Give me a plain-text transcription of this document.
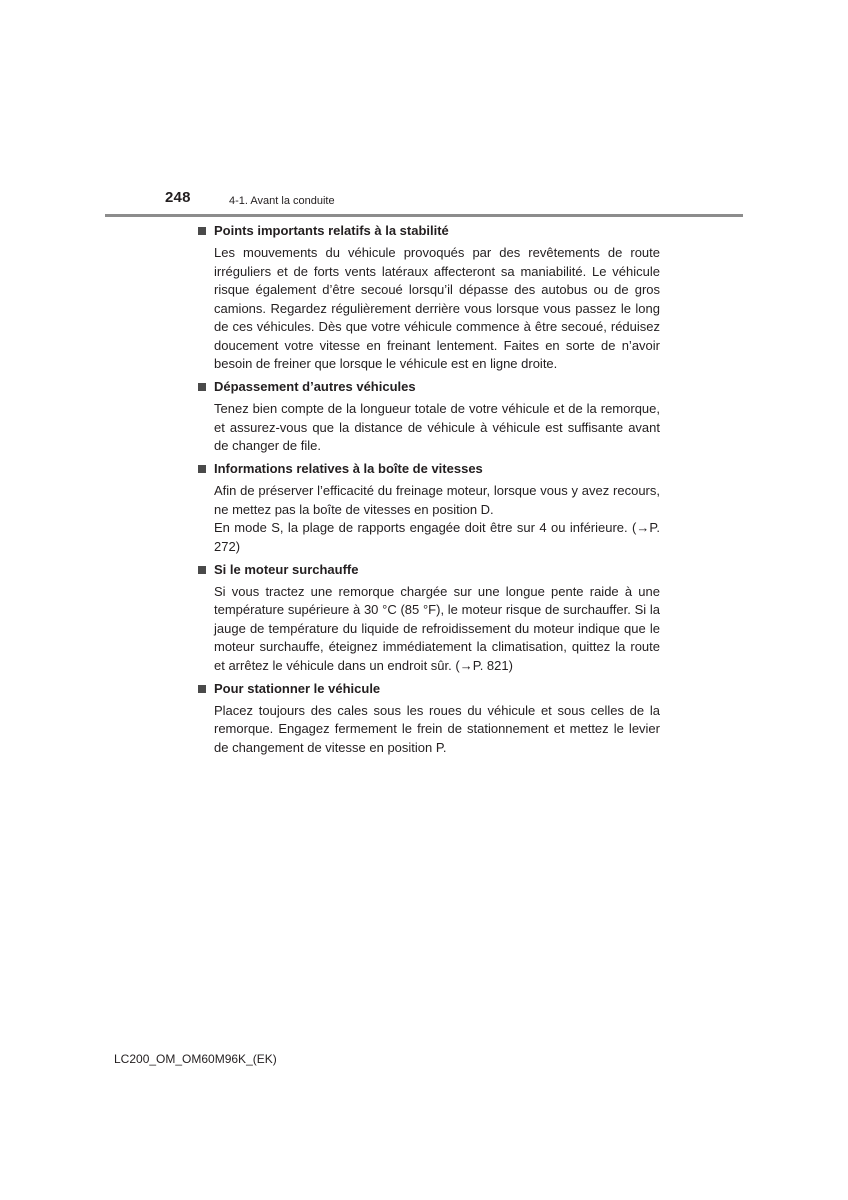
248	4-1. Avant la conduite
Points importants relatifs à la stabilité

Les mouvements du véhicule provoqués par des revêtements de route irréguliers et de forts vents latéraux affecteront sa maniabilité. Le véhicule risque également d’être secoué lorsqu’il dépasse des autobus ou de gros camions. Regardez régulièrement derrière vous lorsque vous passez le long de ces véhicules. Dès que votre véhicule commence à être secoué, réduisez doucement votre vitesse en freinant lentement. Faites en sorte de n’avoir besoin de freiner que lorsque le véhicule est en ligne droite.

Dépassement d’autres véhicules

Tenez bien compte de la longueur totale de votre véhicule et de la remorque, et assurez-vous que la distance de véhicule à véhicule est suffisante avant de changer de file.

Informations relatives à la boîte de vitesses

Afin de préserver l’efficacité du freinage moteur, lorsque vous y avez recours, ne mettez pas la boîte de vitesses en position D.

En mode S, la plage de rapports engagée doit être sur 4 ou inférieure. (→P. 272)

Si le moteur surchauffe

Si vous tractez une remorque chargée sur une longue pente raide à une température supérieure à 30 °C (85 °F), le moteur risque de surchauffer. Si la jauge de température du liquide de refroidissement du moteur indique que le moteur surchauffe, éteignez immédiatement la climatisation, quittez la route et arrêtez le véhicule dans un endroit sûr. (→P. 821)

Pour stationner le véhicule

Placez toujours des cales sous les roues du véhicule et sous celles de la remorque. Engagez fermement le frein de stationnement et mettez le levier de changement de vitesse en position P.

LC200_OM_OM60M96K_(EK)
